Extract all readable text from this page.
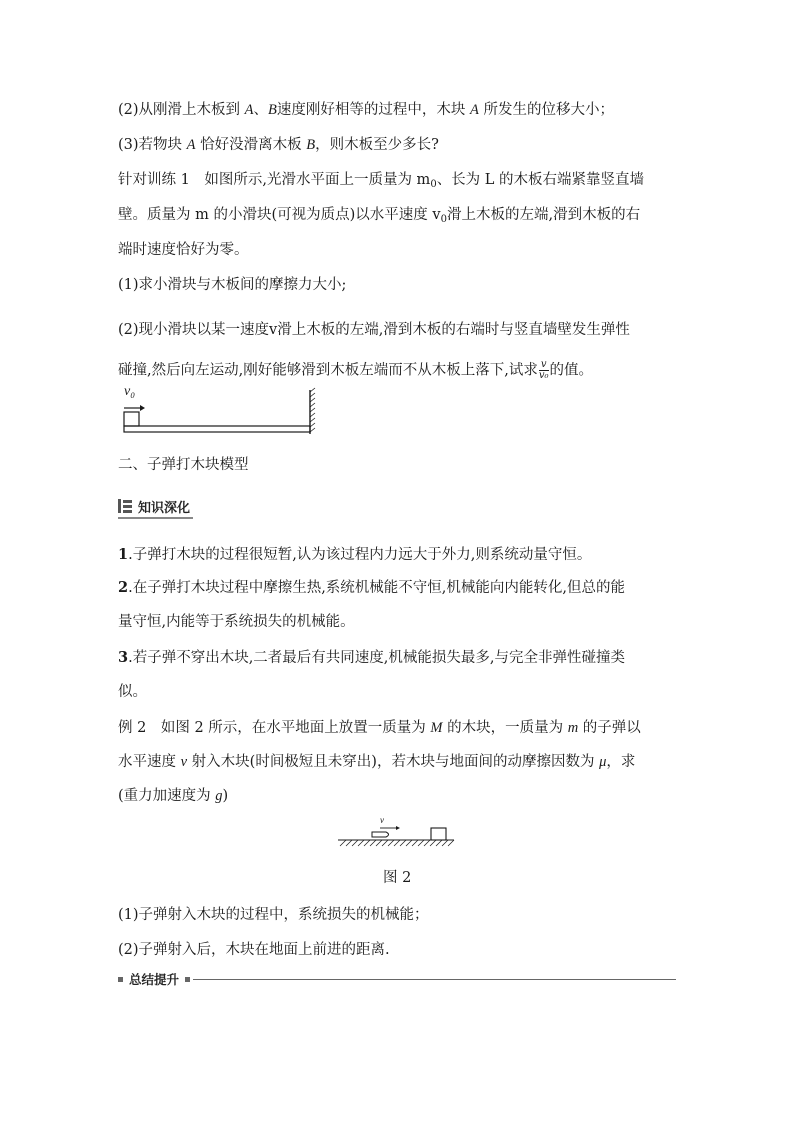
(2)从刚滑上木板到 A、B速度刚好相等的过程中，木块 A 所发生的位移大小；
(3)若物块 A 恰好没滑离木板 B，则木板至少多长?
针对训练 1　如图所示,光滑水平面上一质量为 $m_0$、长为 L 的木板右端紧靠竖直墙
壁。质量为 m 的小滑块(可视为质点)以水平速度 $v_0$滑上木板的左端,滑到木板的右
端时速度恰好为零。
(1)求小滑块与木板间的摩擦力大小;
(2)现小滑块以某一速度v滑上木板的左端,滑到木板的右端时与竖直墙壁发生弹性
碰撞,然后向左运动,刚好能够滑到木板左端而不从木板上落下,试求 $\frac{v}{\text{v₀}}$ 的值。
v₀
二、子弹打木块模型
知识深化
1.子弹打木块的过程很短暂,认为该过程内力远大于外力,则系统动量守恒。
2.在子弹打木块过程中摩擦生热,系统机械能不守恒,机械能向内能转化,但总的能
量守恒,内能等于系统损失的机械能。
3.若子弹不穿出木块,二者最后有共同速度,机械能损失最多,与完全非弹性碰撞类
似。
例 2　如图 2 所示，在水平地面上放置一质量为 M 的木块，一质量为 m 的子弹以
水平速度 v 射入木块(时间极短且未穿出)，若木块与地面间的动摩擦因数为 μ，求
(重力加速度为 g)
v
图 2
(1)子弹射入木块的过程中，系统损失的机械能；
(2)子弹射入后，木块在地面上前进的距离.
总结提升
